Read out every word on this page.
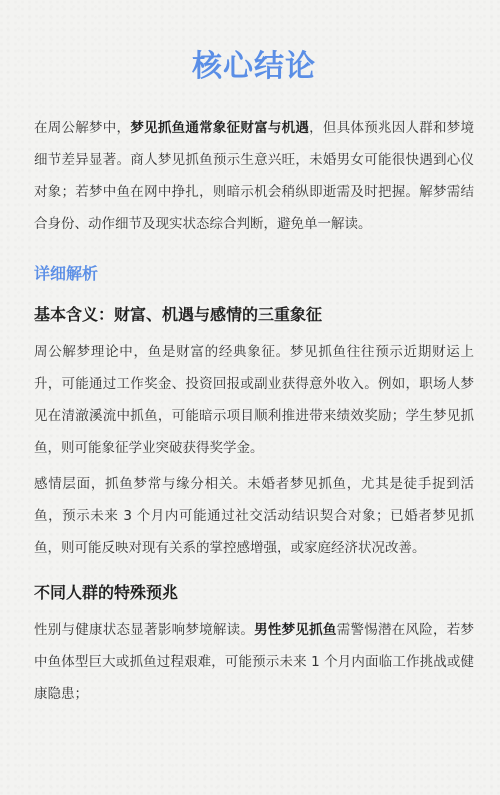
核心结论

在周公解梦中，梦见抓鱼通常象征财富与机遇，但具体预兆因人群和梦境细节差异显著。商人梦见抓鱼预示生意兴旺，未婚男女可能很快遇到心仪对象；若梦中鱼在网中挣扎，则暗示机会稍纵即逝需及时把握。解梦需结合身份、动作细节及现实状态综合判断，避免单一解读。

详细解析
基本含义：财富、机遇与感情的三重象征

周公解梦理论中，鱼是财富的经典象征。梦见抓鱼往往预示近期财运上升，可能通过工作奖金、投资回报或副业获得意外收入。例如，职场人梦见在清澈溪流中抓鱼，可能暗示项目顺利推进带来绩效奖励；学生梦见抓鱼，则可能象征学业突破获得奖学金。

感情层面，抓鱼梦常与缘分相关。未婚者梦见抓鱼，尤其是徒手捉到活鱼，预示未来 3 个月内可能通过社交活动结识契合对象；已婚者梦见抓鱼，则可能反映对现有关系的掌控感增强，或家庭经济状况改善。

不同人群的特殊预兆

性别与健康状态显著影响梦境解读。男性梦见抓鱼需警惕潜在风险，若梦中鱼体型巨大或抓鱼过程艰难，可能预示未来 1 个月内面临工作挑战或健康隐患；
